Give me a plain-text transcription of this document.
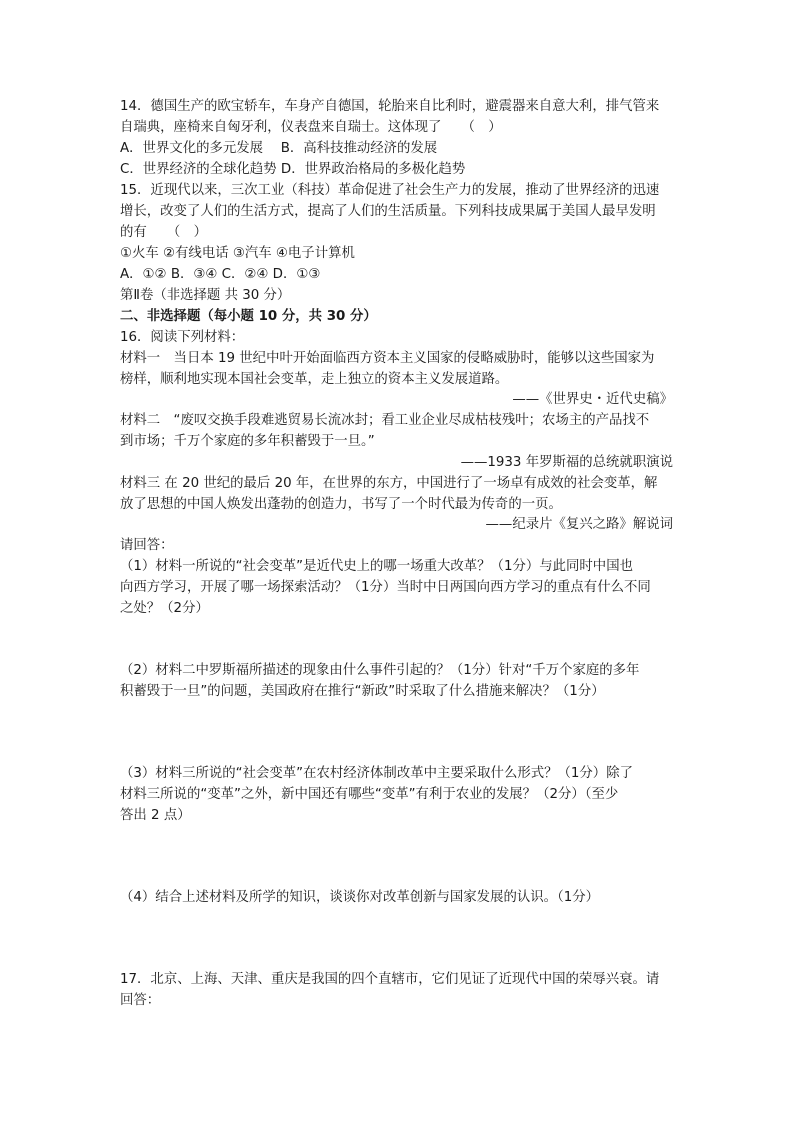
14．德国生产的欧宝轿车，车身产自德国，轮胎来自比利时，避震器来自意大利，排气管来
自瑞典，座椅来自匈牙利，仪表盘来自瑞士。这体现了　　（　）
A．世界文化的多元发展　 B．高科技推动经济的发展
C．世界经济的全球化趋势 D．世界政治格局的多极化趋势
15．近现代以来，三次工业（科技）革命促进了社会生产力的发展，推动了世界经济的迅速
增长，改变了人们的生活方式，提高了人们的生活质量。下列科技成果属于美国人最早发明
的有　　（　）
①火车 ②有线电话 ③汽车 ④电子计算机
A．①② B．③④ C．②④ D．①③
第Ⅱ卷（非选择题 共 30 分）
二、非选择题（每小题 10 分，共 30 分）
16．阅读下列材料：
材料一　当日本 19 世纪中叶开始面临西方资本主义国家的侵略威胁时，能够以这些国家为
榜样，顺利地实现本国社会变革，走上独立的资本主义发展道路。
——《世界史・近代史稿》
材料二　“废叹交换手段难逃贸易长流冰封；看工业企业尽成枯枝残叶；农场主的产品找不
到市场；千万个家庭的多年积蓄毁于一旦。”
——1933 年罗斯福的总统就职演说
材料三 在 20 世纪的最后 20 年，在世界的东方，中国进行了一场卓有成效的社会变革，解
放了思想的中国人焕发出蓬勃的创造力，书写了一个时代最为传奇的一页。
——纪录片《复兴之路》解说词
请回答：
（1）材料一所说的“社会变革”是近代史上的哪一场重大改革？（1分）与此同时中国也
向西方学习，开展了哪一场探索活动？（1分）当时中日两国向西方学习的重点有什么不同
之处？（2分）
（2）材料二中罗斯福所描述的现象由什么事件引起的？（1分）针对“千万个家庭的多年
积蓄毁于一旦”的问题，美国政府在推行“新政”时采取了什么措施来解决？（1分）
（3）材料三所说的“社会变革”在农村经济体制改革中主要采取什么形式？（1分）除了
材料三所说的“变革”之外，新中国还有哪些“变革”有利于农业的发展？（2分）（至少
答出 2 点）
（4）结合上述材料及所学的知识，谈谈你对改革创新与国家发展的认识。（1分）
17．北京、上海、天津、重庆是我国的四个直辖市，它们见证了近现代中国的荣辱兴衰。请
回答：
